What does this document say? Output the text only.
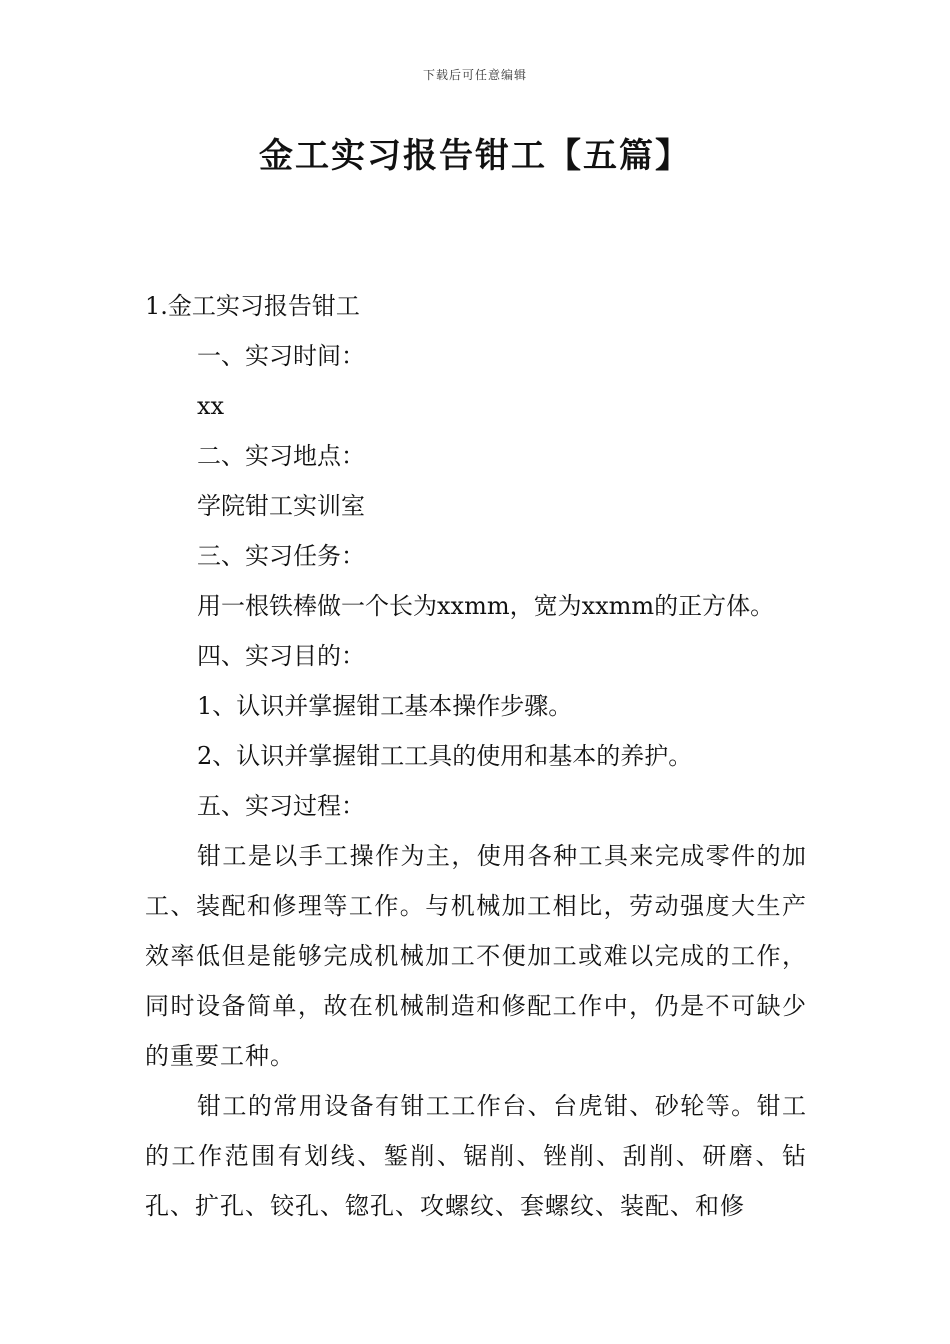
下载后可任意编辑
金工实习报告钳工【五篇】

1.金工实习报告钳工

一、实习时间：

xx

二、实习地点：

学院钳工实训室

三、实习任务：

用一根铁棒做一个长为xxmm，宽为xxmm的正方体。

四、实习目的：

1、认识并掌握钳工基本操作步骤。

2、认识并掌握钳工工具的使用和基本的养护。

五、实习过程：

钳工是以手工操作为主，使用各种工具来完成零件的加工、装配和修理等工作。与机械加工相比，劳动强度大生产效率低但是能够完成机械加工不便加工或难以完成的工作，同时设备简单，故在机械制造和修配工作中，仍是不可缺少的重要工种。

钳工的常用设备有钳工工作台、台虎钳、砂轮等。钳工的工作范围有划线、錾削、锯削、锉削、刮削、研磨、钻孔、扩孔、铰孔、锪孔、攻螺纹、套螺纹、装配、和修
